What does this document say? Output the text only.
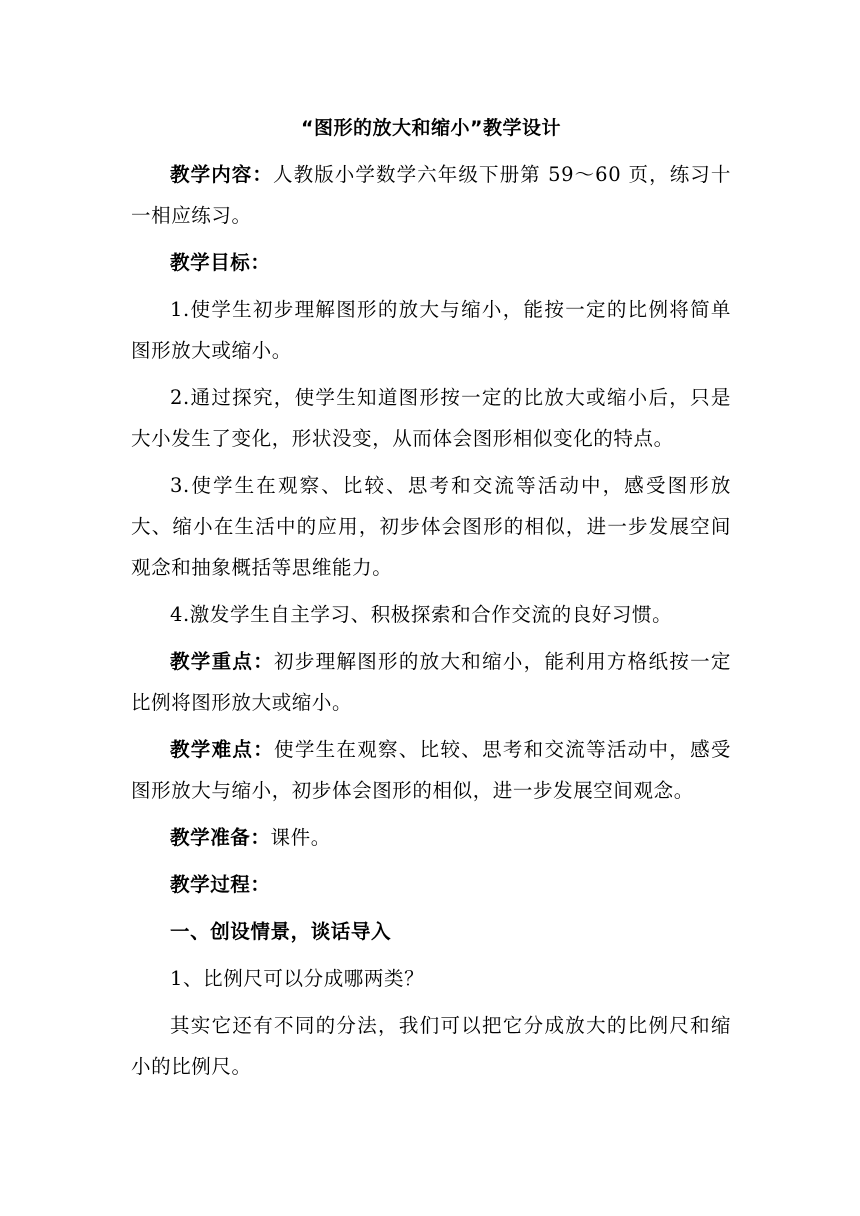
“图形的放大和缩小”教学设计

教学内容：人教版小学数学六年级下册第 59～60 页，练习十一相应练习。

教学目标：

1.使学生初步理解图形的放大与缩小，能按一定的比例将简单图形放大或缩小。

2.通过探究，使学生知道图形按一定的比放大或缩小后，只是大小发生了变化，形状没变，从而体会图形相似变化的特点。

3.使学生在观察、比较、思考和交流等活动中，感受图形放大、缩小在生活中的应用，初步体会图形的相似，进一步发展空间观念和抽象概括等思维能力。

4.激发学生自主学习、积极探索和合作交流的良好习惯。

教学重点：初步理解图形的放大和缩小，能利用方格纸按一定比例将图形放大或缩小。

教学难点：使学生在观察、比较、思考和交流等活动中，感受图形放大与缩小，初步体会图形的相似，进一步发展空间观念。

教学准备：课件。

教学过程：

一、创设情景，谈话导入

1、比例尺可以分成哪两类？

其实它还有不同的分法，我们可以把它分成放大的比例尺和缩小的比例尺。
